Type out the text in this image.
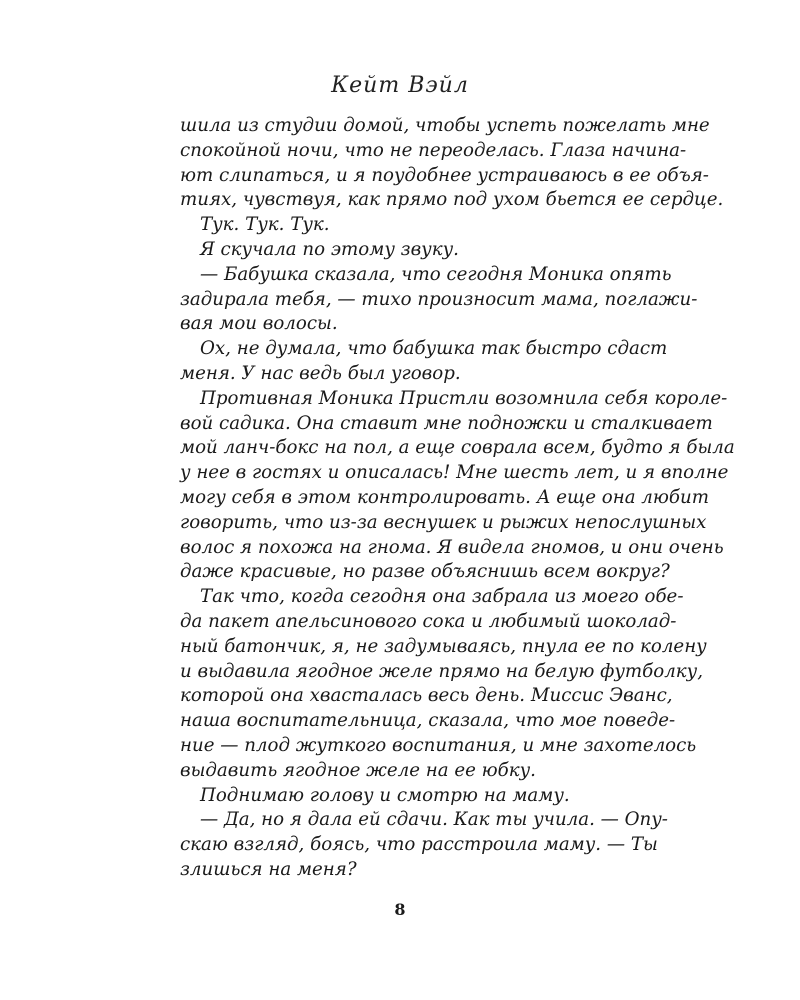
Кейт Вэйл
шила из студии домой, чтобы успеть пожелать мне
спокойной ночи, что не переоделась. Глаза начина-
ют слипаться, и я поудобнее устраиваюсь в ее объя-
тиях, чувствуя, как прямо под ухом бьется ее сердце.
Тук. Тук. Тук.
Я скучала по этому звуку.
— Бабушка сказала, что сегодня Моника опять
задирала тебя, — тихо произносит мама, поглажи-
вая мои волосы.
Ох, не думала, что бабушка так быстро сдаст
меня. У нас ведь был уговор.
Противная Моника Пристли возомнила себя короле-
вой садика. Она ставит мне подножки и сталкивает
мой ланч-бокс на пол, а еще соврала всем, будто я была
у нее в гостях и описалась! Мне шесть лет, и я вполне
могу себя в этом контролировать. А еще она любит
говорить, что из-за веснушек и рыжих непослушных
волос я похожа на гнома. Я видела гномов, и они очень
даже красивые, но разве объяснишь всем вокруг?
Так что, когда сегодня она забрала из моего обе-
да пакет апельсинового сока и любимый шоколад-
ный батончик, я, не задумываясь, пнула ее по колену
и выдавила ягодное желе прямо на белую футболку,
которой она хвасталась весь день. Миссис Эванс,
наша воспитательница, сказала, что мое поведе-
ние — плод жуткого воспитания, и мне захотелось
выдавить ягодное желе на ее юбку.
Поднимаю голову и смотрю на маму.
— Да, но я дала ей сдачи. Как ты учила. — Опу-
скаю взгляд, боясь, что расстроила маму. — Ты
злишься на меня?
8
